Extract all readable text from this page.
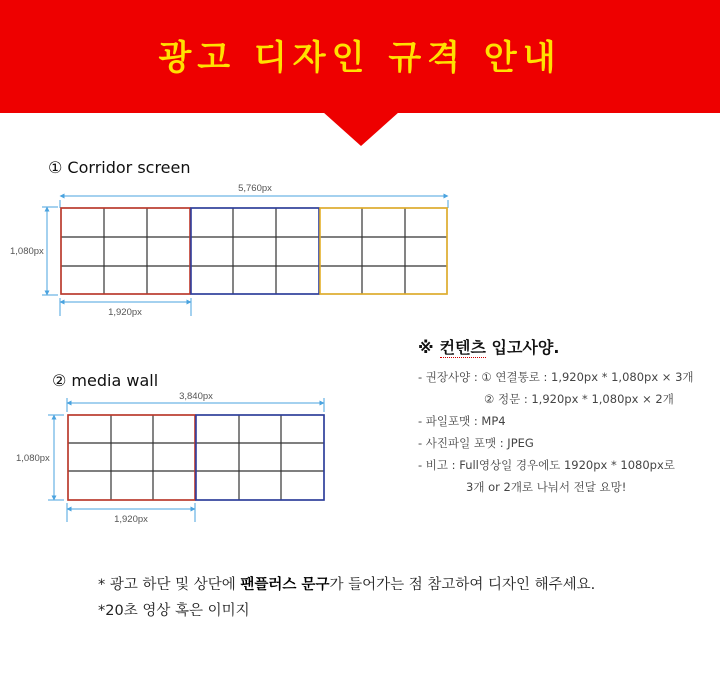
광고 디자인 규격 안내
① Corridor screen
② media wall
5,760px
1,080px
1,920px
3,840px
1,080px
1,920px
※ 컨텐츠 입고사양.
- 권장사양 : ① 연결통로 : 1,920px * 1,080px × 3개
② 정문 : 1,920px * 1,080px × 2개
- 파일포맷 : MP4
- 사진파일 포맷 : JPEG
- 비고 : Full영상일 경우에도 1920px * 1080px로
3개 or 2개로 나눠서 전달 요망!
* 광고 하단 및 상단에 팬플러스 문구가 들어가는 점 참고하여 디자인 해주세요.
*20초 영상 혹은 이미지
